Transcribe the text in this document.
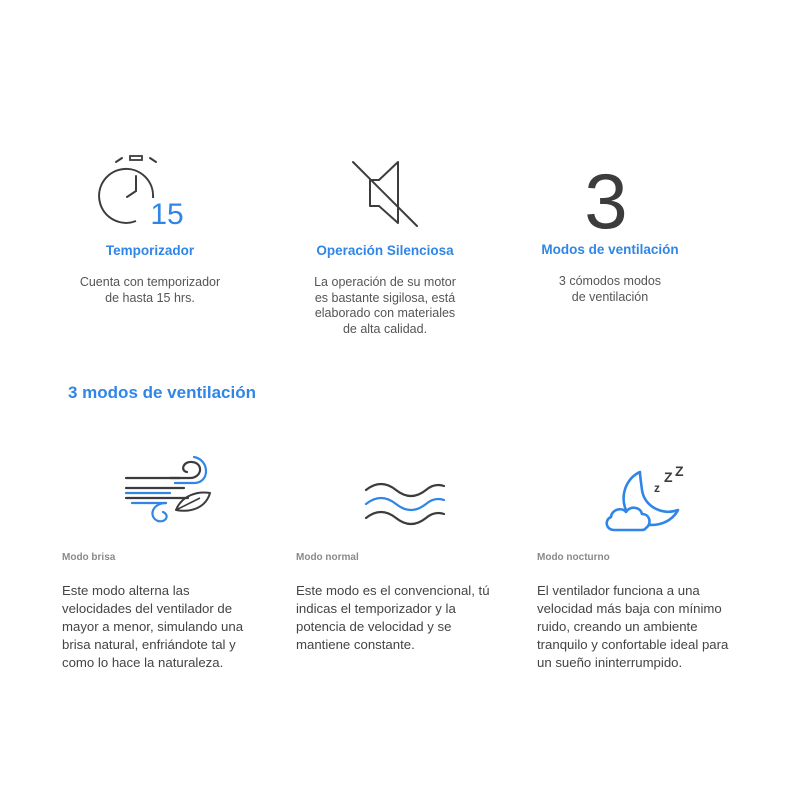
15
Temporizador
Cuenta con temporizador
de hasta 15 hrs.
Operación Silenciosa
La operación de su motor
es bastante sigilosa, está
elaborado con materiales
de alta calidad.
3
Modos de ventilación
3 cómodos modos
de ventilación
3 modos de ventilación
Modo brisa
Este modo alterna las
velocidades del ventilador de
mayor a menor, simulando una
brisa natural, enfriándote tal y
como lo hace la naturaleza.
Modo normal
Este modo es el convencional, tú
indicas el temporizador y la
potencia de velocidad y se
mantiene constante.
z
Z Z
Modo nocturno
El ventilador funciona a una
velocidad más baja con mínimo
ruido, creando un ambiente
tranquilo y confortable ideal para
un sueño ininterrumpido.
